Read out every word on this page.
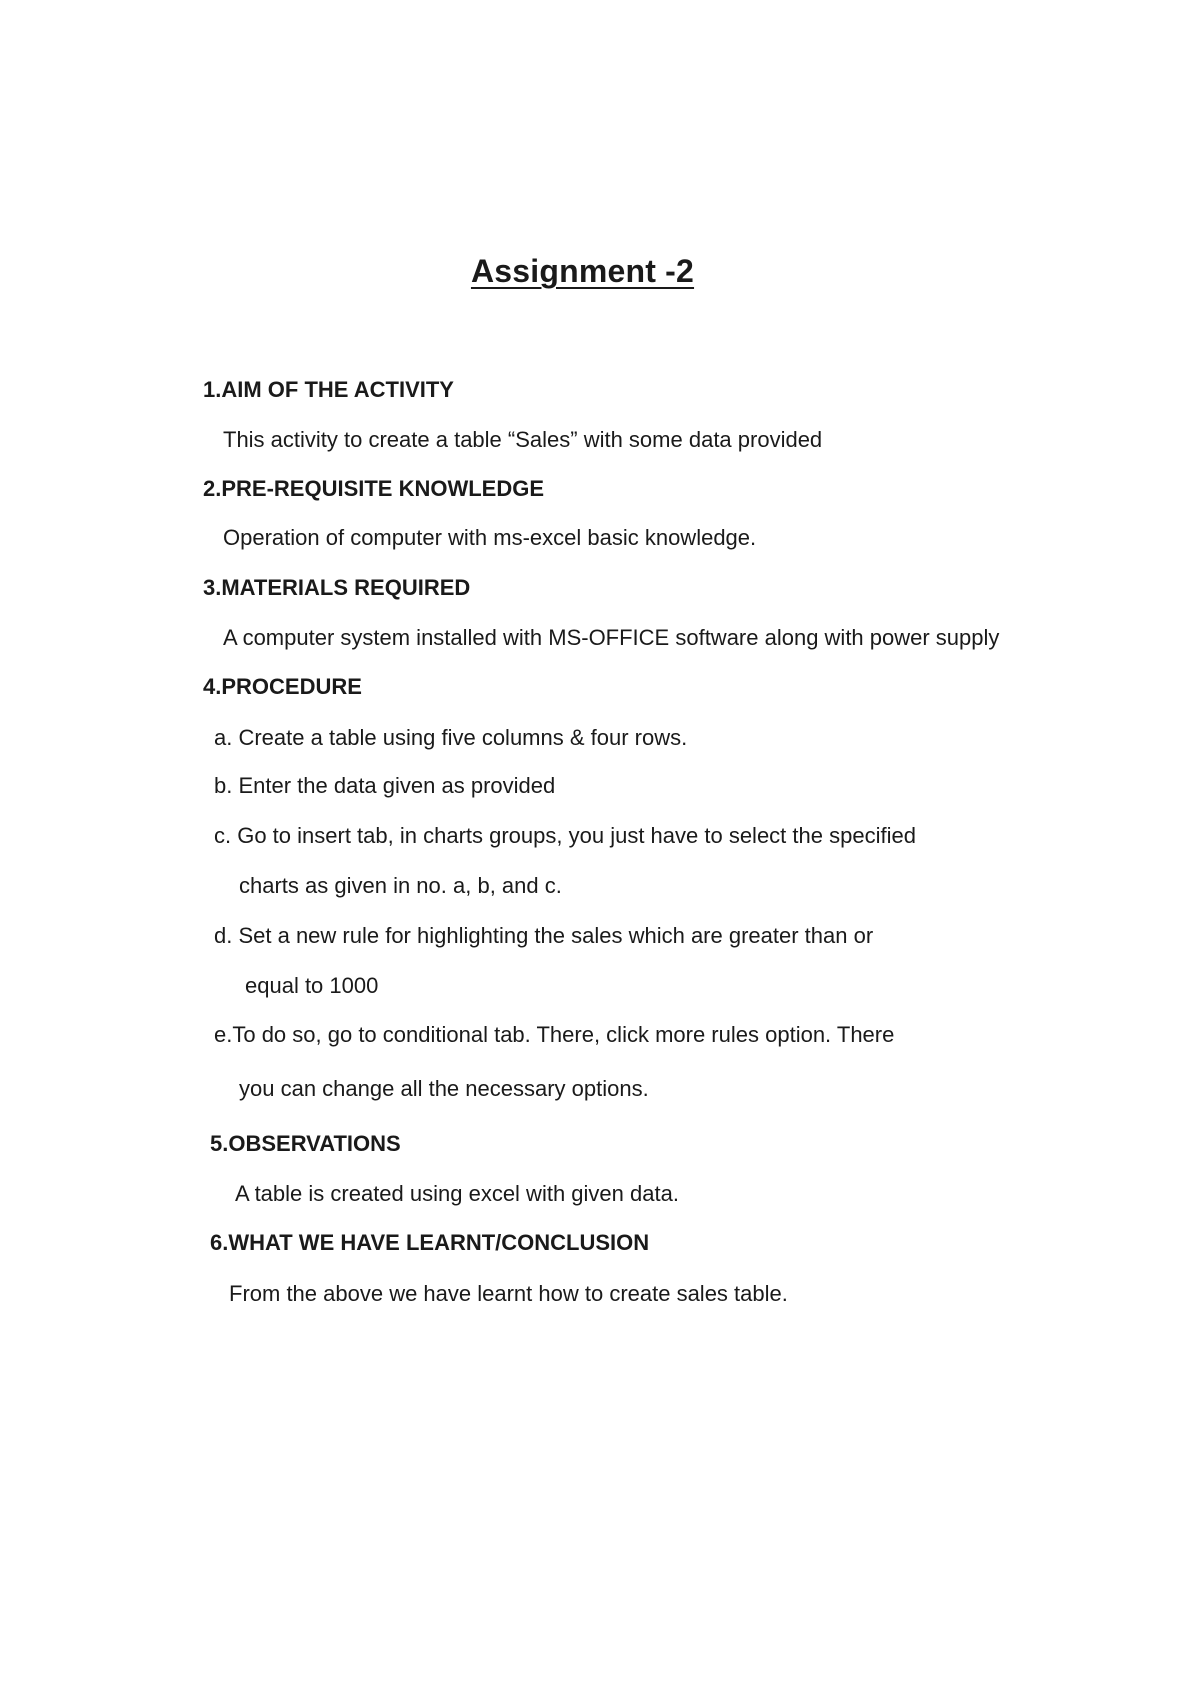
Assignment -2
1.AIM OF THE ACTIVITY
This activity to create a table “Sales” with some data provided
2.PRE-REQUISITE KNOWLEDGE
Operation of computer with ms-excel basic knowledge.
3.MATERIALS REQUIRED
A computer system installed with MS-OFFICE software along with power supply
4.PROCEDURE
a. Create a table using five columns & four rows.
b. Enter the data given as provided
c. Go to insert tab, in charts groups, you just have to select the specified
charts as given in no. a, b, and c.
d. Set a new rule for highlighting the sales which are greater than or
equal to 1000
e.To do so, go to conditional tab. There, click more rules option. There
you can change all the necessary options.
5.OBSERVATIONS
A table is created using excel with given data.
6.WHAT WE HAVE LEARNT/CONCLUSION
From the above we have learnt how to create sales table.
